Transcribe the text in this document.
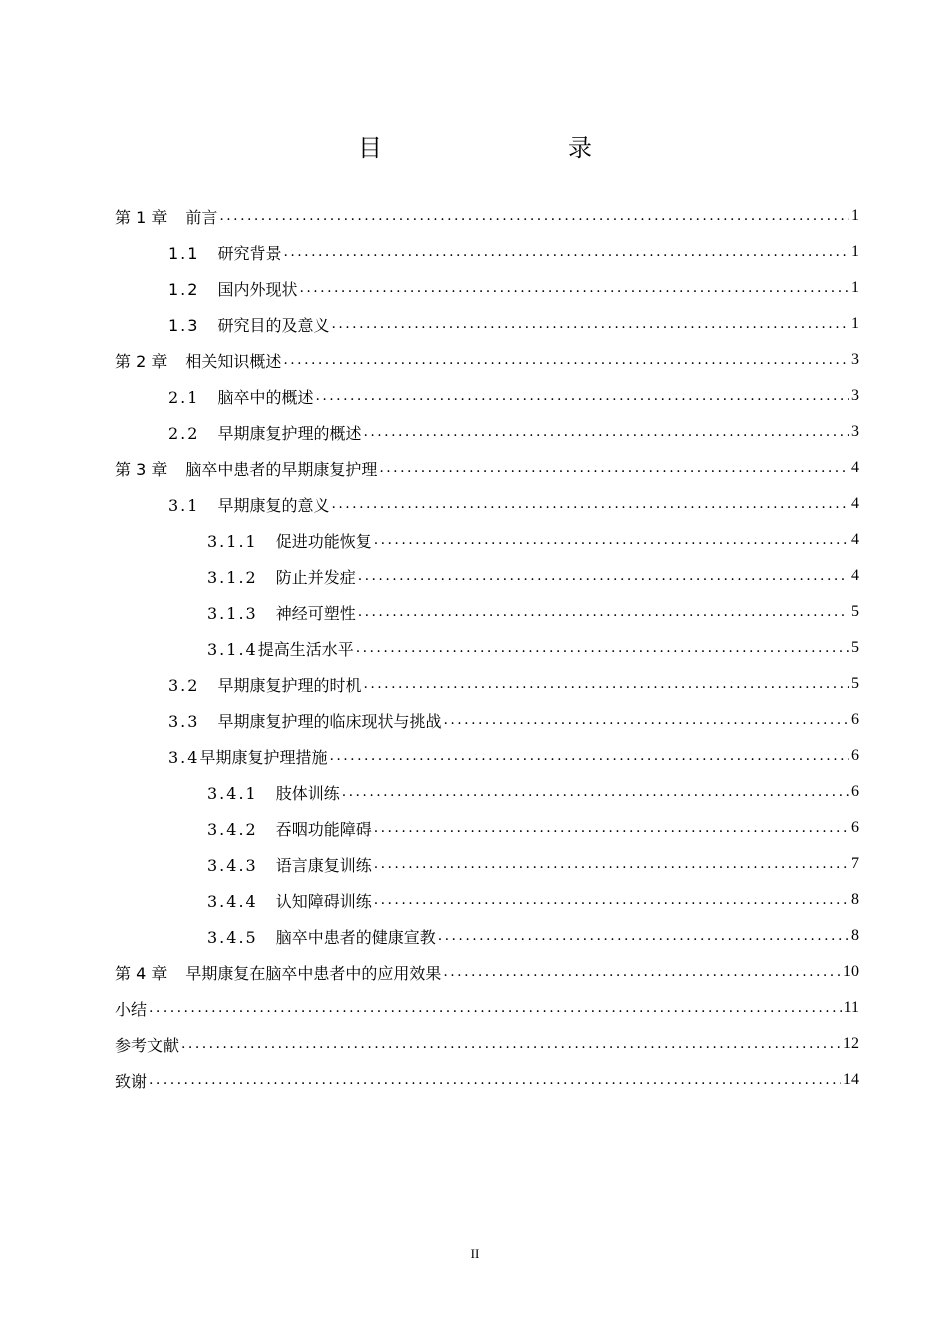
目　　录
第 1 章 前言 . . .	1
1.1 研究背景 . . .	1
1.2 国内外现状 . . .	1
1.3 研究目的及意义 . . .	1
第 2 章 相关知识概述 . . .	3
2.1 脑卒中的概述 . . .	3
2.2 早期康复护理的概述 . . .	3
第 3 章 脑卒中患者的早期康复护理 . . .	4
3.1 早期康复的意义 . . .	4
3.1.1 促进功能恢复 . . .	4
3.1.2 防止并发症 . . .	4
3.1.3 神经可塑性 . . .	5
3.1.4提高生活水平 . . .	5
3.2 早期康复护理的时机 . . .	5
3.3 早期康复护理的临床现状与挑战 . . .	6
3.4早期康复护理措施 . . .	6
3.4.1 肢体训练 . . .	6
3.4.2 吞咽功能障碍 . . .	6
3.4.3 语言康复训练 . . .	7
3.4.4 认知障碍训练 . . .	8
3.4.5 脑卒中患者的健康宣教 . . .	8
第 4 章 早期康复在脑卒中患者中的应用效果 . . .	10
小结 . . .	11
参考文献 . . .	12
致谢 . . .	14
II
